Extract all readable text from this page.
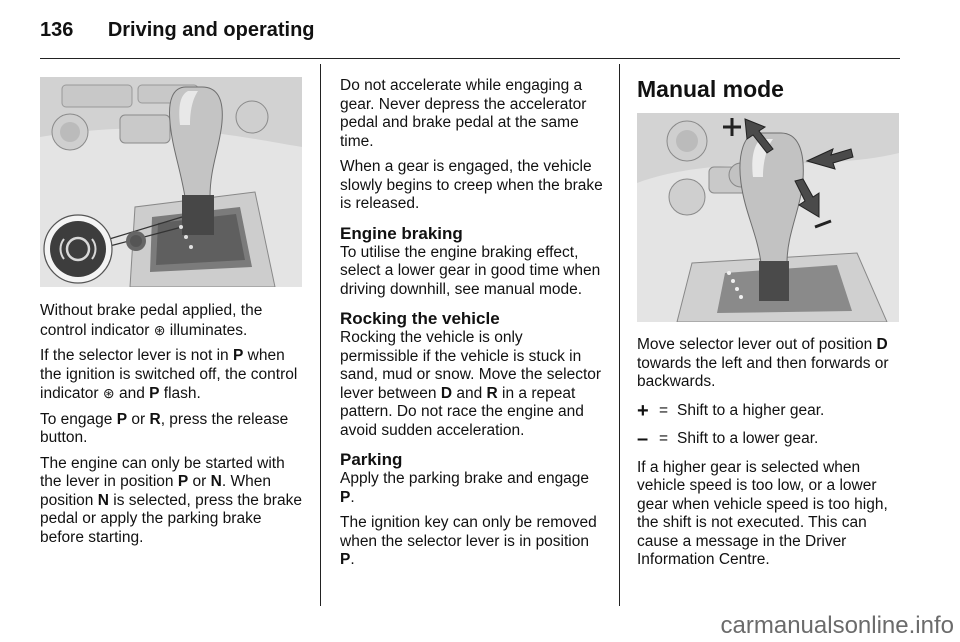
136 Driving and operating

Without brake pedal applied, the control indicator ⊛ illuminates.

If the selector lever is not in P when the ignition is switched off, the control indicator ⊛ and P flash.

To engage P or R, press the release button.

The engine can only be started with the lever in position P or N. When position N is selected, press the brake pedal or apply the parking brake before starting.

Do not accelerate while engaging a gear. Never depress the accelerator pedal and brake pedal at the same time.

When a gear is engaged, the vehicle slowly begins to creep when the brake is released.

Engine braking

To utilise the engine braking effect, select a lower gear in good time when driving downhill, see manual mode.

Rocking the vehicle

Rocking the vehicle is only permissible if the vehicle is stuck in sand, mud or snow. Move the selector lever between D and R in a repeat pattern. Do not race the engine and avoid sudden acceleration.

Parking

Apply the parking brake and engage P.

The ignition key can only be removed when the selector lever is in position P.

Manual mode

Move selector lever out of position D towards the left and then forwards or backwards.

+ = Shift to a higher gear.
– = Shift to a lower gear.

If a higher gear is selected when vehicle speed is too low, or a lower gear when vehicle speed is too high, the shift is not executed. This can cause a message in the Driver Information Centre.

carmanualsonline.info
